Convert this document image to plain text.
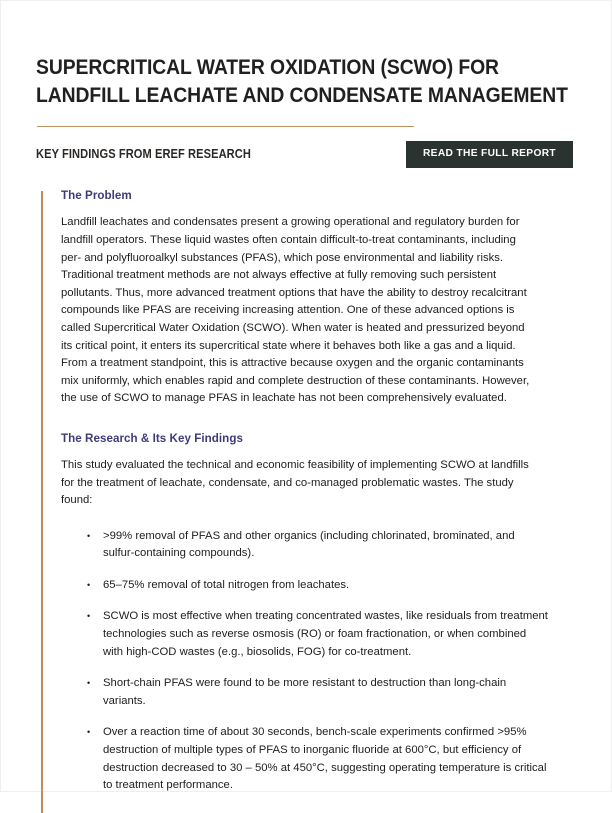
SUPERCRITICAL WATER OXIDATION (SCWO) FOR LANDFILL LEACHATE AND CONDENSATE MANAGEMENT
KEY FINDINGS FROM EREF RESEARCH	READ THE FULL REPORT
The Problem

Landfill leachates and condensates present a growing operational and regulatory burden for landfill operators. These liquid wastes often contain difficult-to-treat contaminants, including per- and polyfluoroalkyl substances (PFAS), which pose environmental and liability risks. Traditional treatment methods are not always effective at fully removing such persistent pollutants. Thus, more advanced treatment options that have the ability to destroy recalcitrant compounds like PFAS are receiving increasing attention. One of these advanced options is called Supercritical Water Oxidation (SCWO). When water is heated and pressurized beyond its critical point, it enters its supercritical state where it behaves both like a gas and a liquid. From a treatment standpoint, this is attractive because oxygen and the organic contaminants mix uniformly, which enables rapid and complete destruction of these contaminants. However, the use of SCWO to manage PFAS in leachate has not been comprehensively evaluated.

The Research & Its Key Findings

This study evaluated the technical and economic feasibility of implementing SCWO at landfills for the treatment of leachate, condensate, and co-managed problematic wastes. The study found:

• >99% removal of PFAS and other organics (including chlorinated, brominated, and sulfur-containing compounds).
• 65–75% removal of total nitrogen from leachates.
• SCWO is most effective when treating concentrated wastes, like residuals from treatment technologies such as reverse osmosis (RO) or foam fractionation, or when combined with high-COD wastes (e.g., biosolids, FOG) for co-treatment.
• Short-chain PFAS were found to be more resistant to destruction than long-chain variants.
• Over a reaction time of about 30 seconds, bench-scale experiments confirmed >95% destruction of multiple types of PFAS to inorganic fluoride at 600°C, but efficiency of destruction decreased to 30 – 50% at 450°C, suggesting operating temperature is critical to treatment performance.
